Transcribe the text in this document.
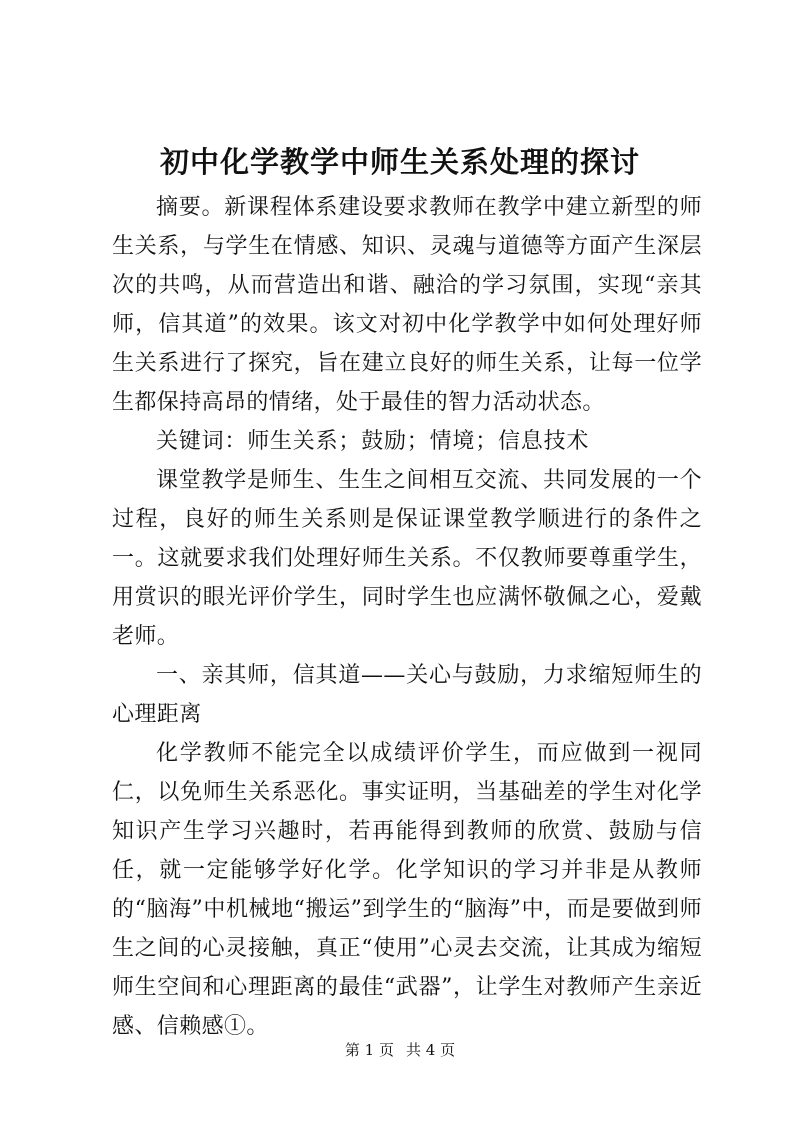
初中化学教学中师生关系处理的探讨

摘要。新课程体系建设要求教师在教学中建立新型的师生关系，与学生在情感、知识、灵魂与道德等方面产生深层次的共鸣，从而营造出和谐、融洽的学习氛围，实现“亲其师，信其道”的效果。该文对初中化学教学中如何处理好师生关系进行了探究，旨在建立良好的师生关系，让每一位学生都保持高昂的情绪，处于最佳的智力活动状态。

关键词：师生关系；鼓励；情境；信息技术

课堂教学是师生、生生之间相互交流、共同发展的一个过程，良好的师生关系则是保证课堂教学顺进行的条件之一。这就要求我们处理好师生关系。不仅教师要尊重学生，用赏识的眼光评价学生，同时学生也应满怀敬佩之心，爱戴老师。

一、亲其师，信其道——关心与鼓励，力求缩短师生的心理距离

化学教师不能完全以成绩评价学生，而应做到一视同仁，以免师生关系恶化。事实证明，当基础差的学生对化学知识产生学习兴趣时，若再能得到教师的欣赏、鼓励与信任，就一定能够学好化学。化学知识的学习并非是从教师的“脑海”中机械地“搬运”到学生的“脑海”中，而是要做到师生之间的心灵接触，真正“使用”心灵去交流，让其成为缩短师生空间和心理距离的最佳“武器”，让学生对教师产生亲近感、信赖感①。

第 1 页 共 4 页
